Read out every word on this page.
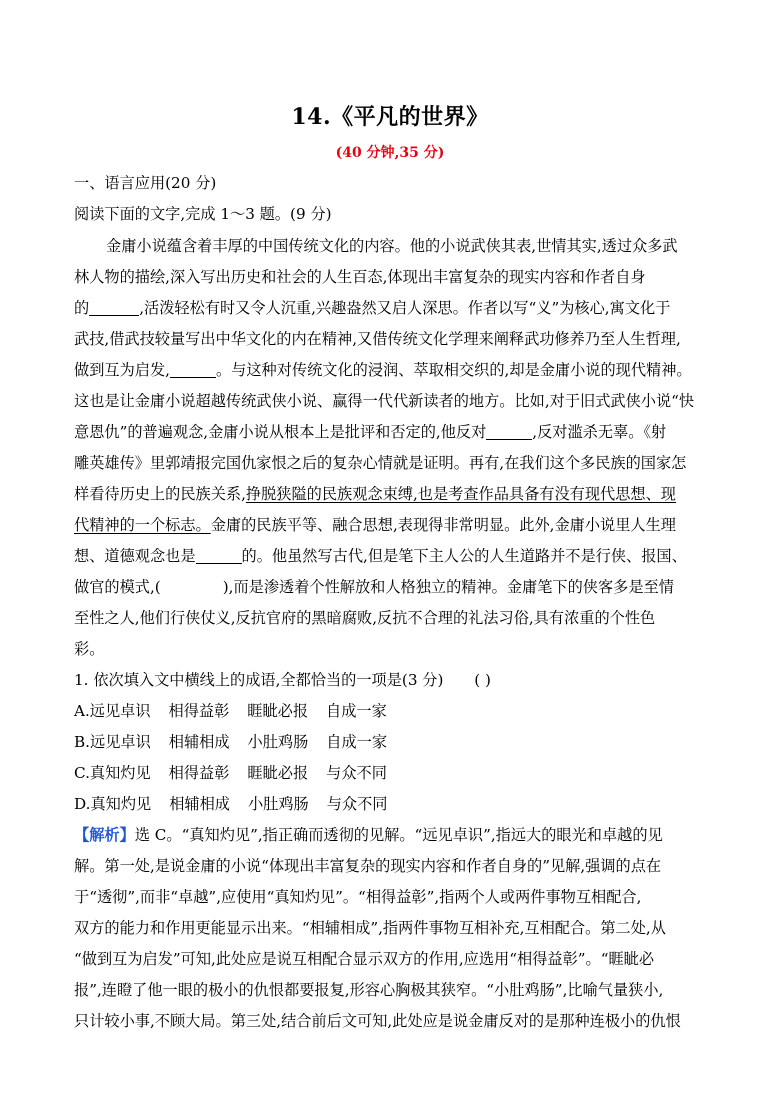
14.《平凡的世界》
(40 分钟,35 分)
一、语言应用(20 分)
阅读下面的文字,完成 1～3 题。(9 分)
金庸小说蕴含着丰厚的中国传统文化的内容。他的小说武侠其表,世情其实,透过众多武
林人物的描绘,深入写出历史和社会的人生百态,体现出丰富复杂的现实内容和作者自身
的	,活泼轻松有时又令人沉重,兴趣盎然又启人深思。作者以写“义”为核心,寓文化于
武技,借武技较量写出中华文化的内在精神,又借传统文化学理来阐释武功修养乃至人生哲理,
做到互为启发,	。与这种对传统文化的浸润、萃取相交织的,却是金庸小说的现代精神。
这也是让金庸小说超越传统武侠小说、赢得一代代新读者的地方。比如,对于旧式武侠小说“快
意恩仇”的普遍观念,金庸小说从根本上是批评和否定的,他反对	,反对滥杀无辜。《射
雕英雄传》里郭靖报完国仇家恨之后的复杂心情就是证明。再有,在我们这个多民族的国家怎
样看待历史上的民族关系,挣脱狭隘的民族观念束缚,也是考查作品具备有没有现代思想、现
代精神的一个标志。金庸的民族平等、融合思想,表现得非常明显。此外,金庸小说里人生理
想、道德观念也是	的。他虽然写古代,但是笔下主人公的人生道路并不是行侠、报国、
做官的模式,(	),而是渗透着个性解放和人格独立的精神。金庸笔下的侠客多是至情
至性之人,他们行侠仗义,反抗官府的黑暗腐败,反抗不合理的礼法习俗,具有浓重的个性色
彩。
1. 依次填入文中横线上的成语,全都恰当的一项是(3 分) ( )
A.远见卓识 相得益彰 睚眦必报 自成一家
B.远见卓识 相辅相成 小肚鸡肠 自成一家
C.真知灼见 相得益彰 睚眦必报 与众不同
D.真知灼见 相辅相成 小肚鸡肠 与众不同
【解析】选 C。“真知灼见”,指正确而透彻的见解。“远见卓识”,指远大的眼光和卓越的见
解。第一处,是说金庸的小说“体现出丰富复杂的现实内容和作者自身的”见解,强调的点在
于“透彻”,而非“卓越”,应使用“真知灼见”。“相得益彰”,指两个人或两件事物互相配合,
双方的能力和作用更能显示出来。“相辅相成”,指两件事物互相补充,互相配合。第二处,从
“做到互为启发”可知,此处应是说互相配合显示双方的作用,应选用“相得益彰”。“睚眦必
报”,连瞪了他一眼的极小的仇恨都要报复,形容心胸极其狭窄。“小肚鸡肠”,比喻气量狭小,
只计较小事,不顾大局。第三处,结合前后文可知,此处应是说金庸反对的是那种连极小的仇恨
